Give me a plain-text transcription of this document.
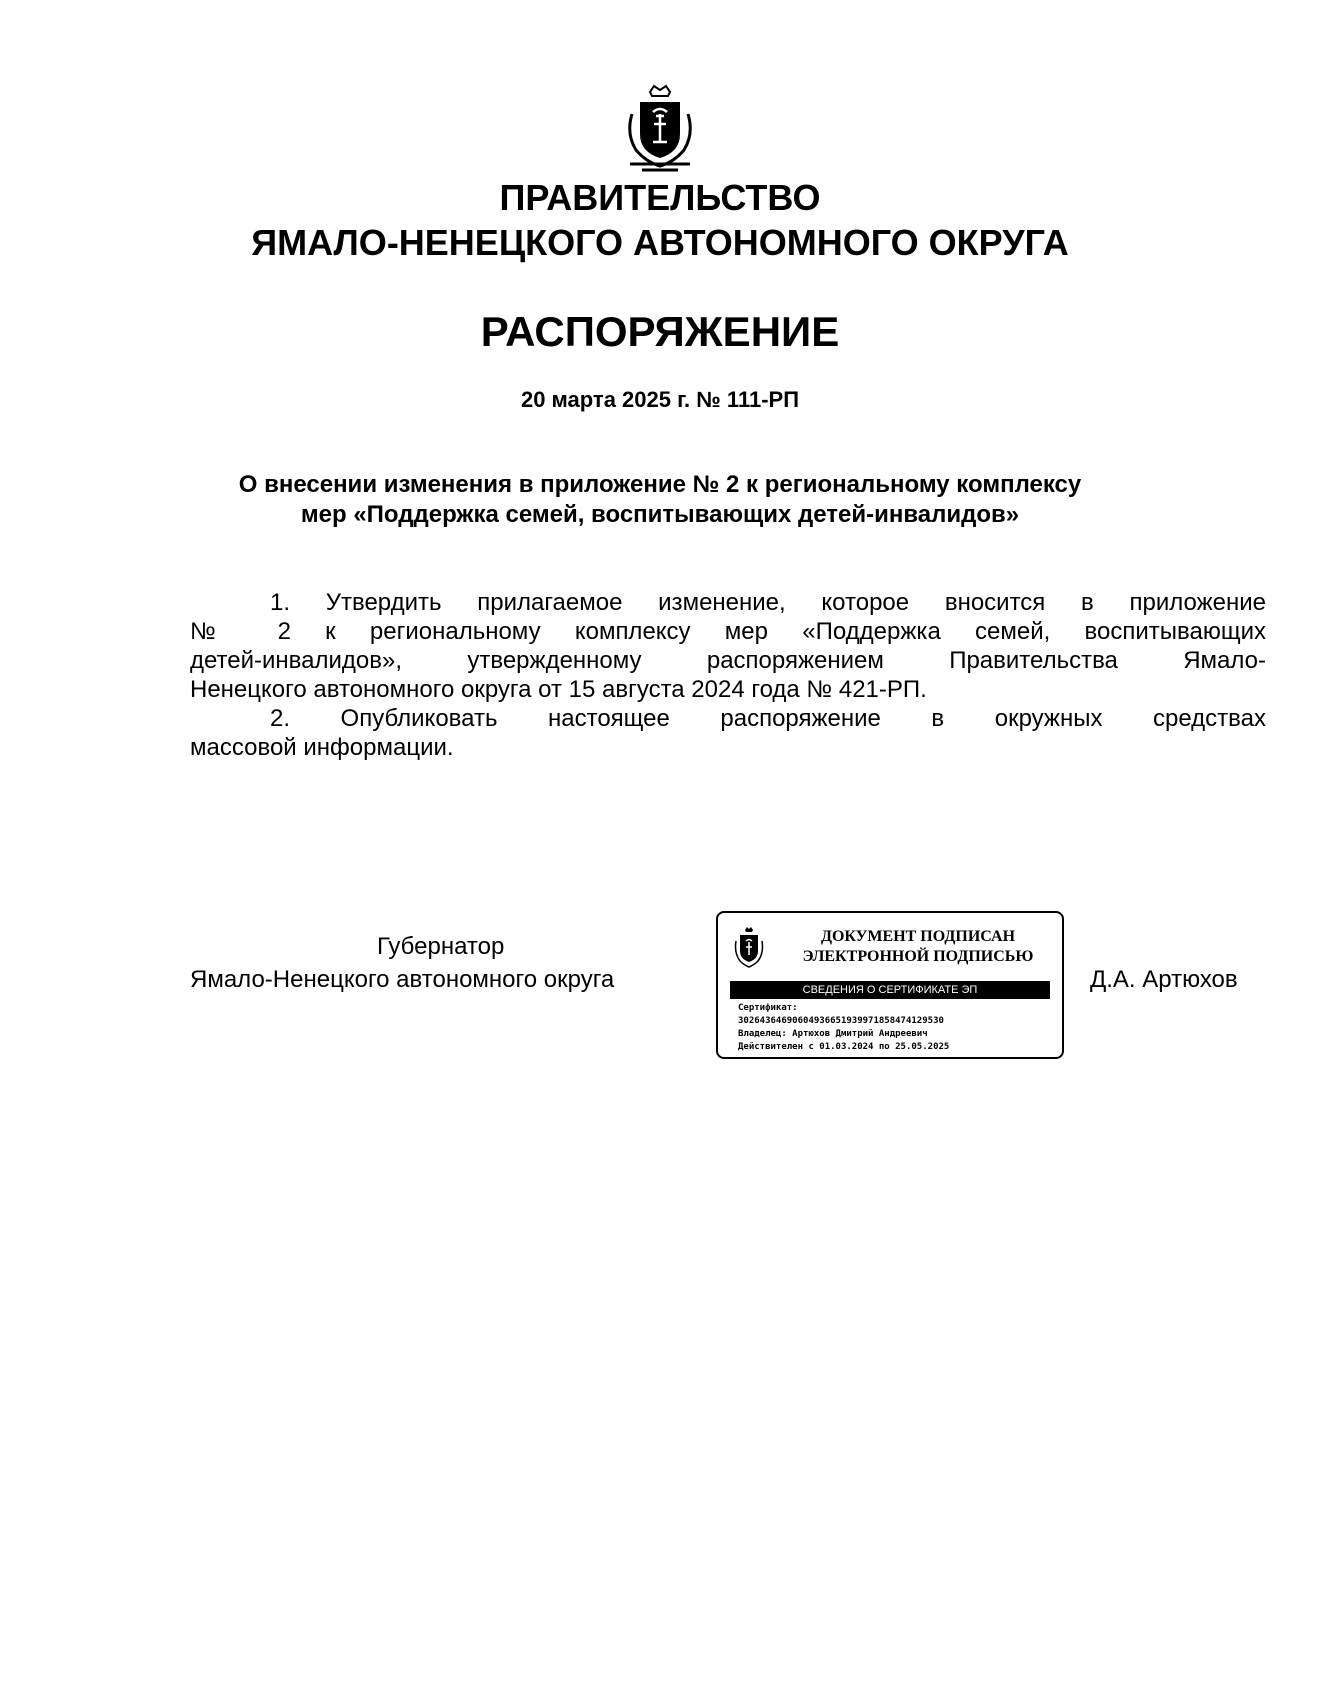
ПРАВИТЕЛЬСТВО
ЯМАЛО-НЕНЕЦКОГО АВТОНОМНОГО ОКРУГА
РАСПОРЯЖЕНИЕ
20 марта 2025 г. № 111-РП
О внесении изменения в приложение № 2 к региональному комплексу
мер «Поддержка семей, воспитывающих детей-инвалидов»
1. Утвердить прилагаемое изменение, которое вносится в приложение
№ 2 к региональному комплексу мер «Поддержка семей, воспитывающих
детей-инвалидов», утвержденному распоряжением Правительства Ямало-
Ненецкого автономного округа от 15 августа 2024 года № 421-РП.
2. Опубликовать настоящее распоряжение в окружных средствах
массовой информации.
Губернатор
Ямало-Ненецкого автономного округа	Д.А. Артюхов
ДОКУМЕНТ ПОДПИСАН
ЭЛЕКТРОННОЙ ПОДПИСЬЮ
СВЕДЕНИЯ О СЕРТИФИКАТЕ ЭП
Сертификат:
30264364690604936651939971858474129530
Владелец: Артюхов Дмитрий Андреевич
Действителен с 01.03.2024 по 25.05.2025
